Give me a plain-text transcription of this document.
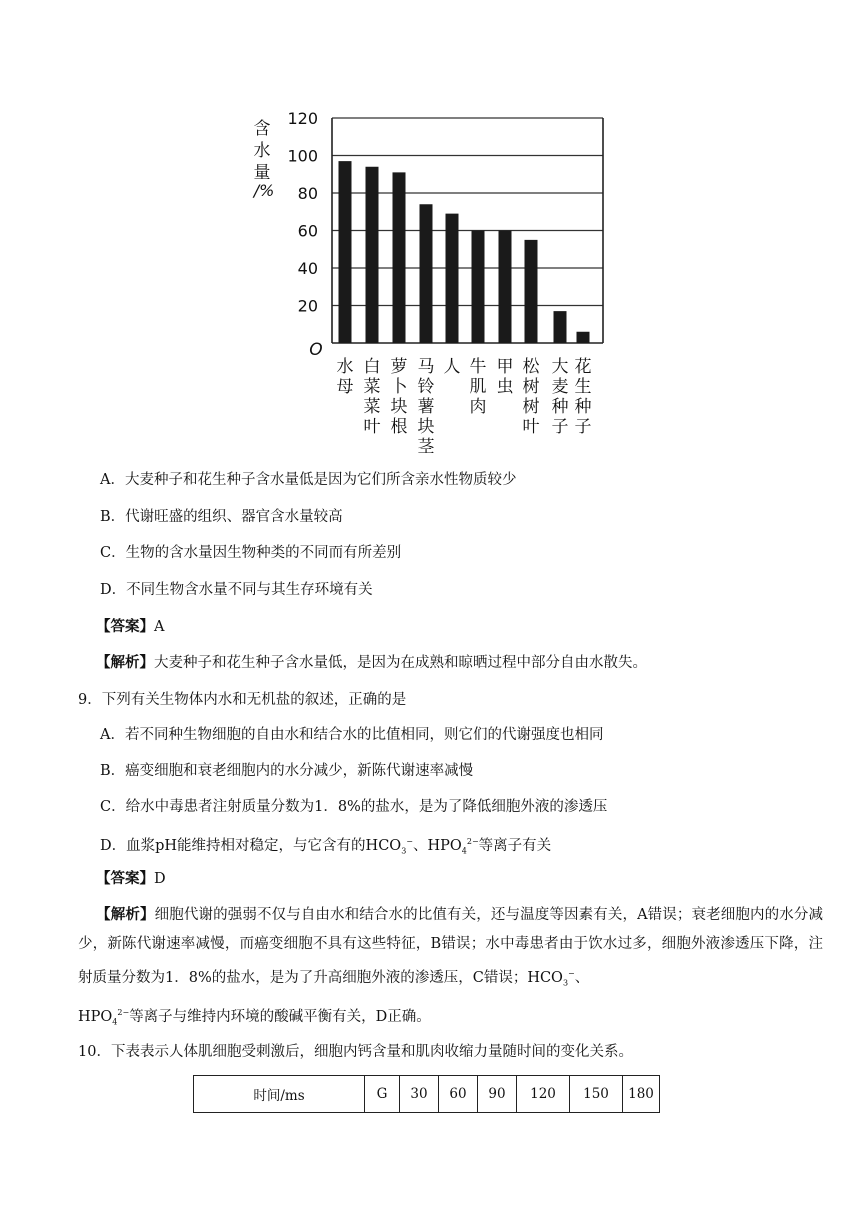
含
水
量
/%
20
40
60
80
100
120
O
水
母
白
菜
菜
叶
萝
卜
块
根
马
铃
薯
块
茎
人 牛
肌
肉
甲
虫
松
树
树
叶
大
麦
种
子
花
生
种
子
A．大麦种子和花生种子含水量低是因为它们所含亲水性物质较少
B．代谢旺盛的组织、器官含水量较高
C．生物的含水量因生物种类的不同而有所差别
D．不同生物含水量不同与其生存环境有关
【答案】A
【解析】大麦种子和花生种子含水量低，是因为在成熟和晾晒过程中部分自由水散失。
9．下列有关生物体内水和无机盐的叙述，正确的是
A．若不同种生物细胞的自由水和结合水的比值相同，则它们的代谢强度也相同
B．癌变细胞和衰老细胞内的水分减少，新陈代谢速率减慢
C．给水中毒患者注射质量分数为1．8%的盐水，是为了降低细胞外液的渗透压
D．血浆pH能维持相对稳定，与它含有的$HCO_3^-$、$HPO_4^{2-}$等离子有关
【答案】D
【解析】细胞代谢的强弱不仅与自由水和结合水的比值有关，还与温度等因素有关，A错误；衰老细胞内的水分减少，新陈代谢速率减慢，而癌变细胞不具有这些特征，B错误；水中毒患者由于饮水过多，细胞外液渗透压下降，注射质量分数为1．8%的盐水，是为了升高细胞外液的渗透压，C错误；$HCO_3^-$、
$HPO_4^{2-}$等离子与维持内环境的酸碱平衡有关，D正确。
10．下表表示人体肌细胞受刺激后，细胞内钙含量和肌肉收缩力量随时间的变化关系。
时间/ms	G	30	60	90	120	150	180
